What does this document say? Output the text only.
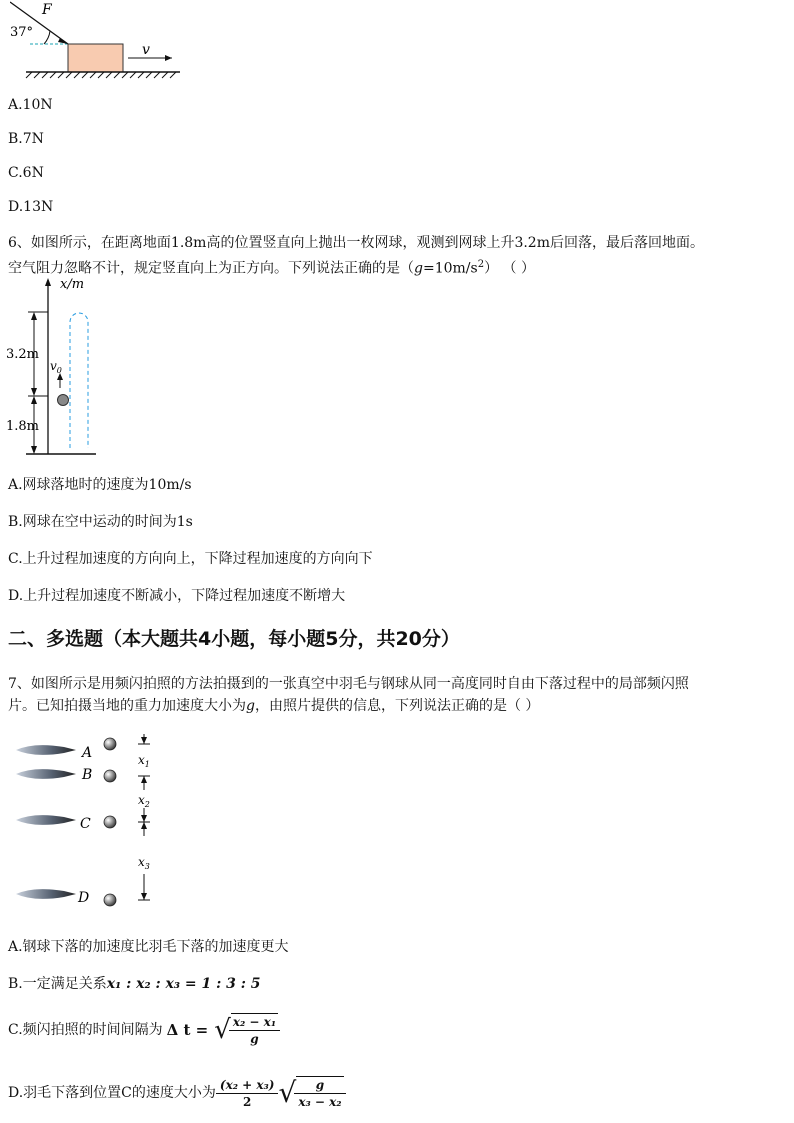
F
37°
v
A.10N
B.7N
C.6N
D.13N

6、如图所示，在距离地面1.8m高的位置竖直向上抛出一枚网球，观测到网球上升3.2m后回落，最后落回地面。

空气阻力忽略不计，规定竖直向上为正方向。下列说法正确的是$(g=10m/s^2)$ （ ）

x/m
3.2m
1.8m
$v_0$
A.网球落地时的速度为10m/s
B.网球在空中运动的时间为1s
C.上升过程加速度的方向向上，下降过程加速度的方向向下
D.上升过程加速度不断减小，下降过程加速度不断增大
二、多选题（本大题共4小题，每小题5分，共20分）

7、如图所示是用频闪拍照的方法拍摄到的一张真空中羽毛与钢球从同一高度同时自由下落过程中的局部频闪照

片。已知拍摄当地的重力加速度大小为g，由照片提供的信息，下列说法正确的是（ ）

A
B
C
D
$x_1$
$x_2$
$x_3$
A.钢球下落的加速度比羽毛下落的加速度更大
B.一定满足关系x₁ : x₂ : x₃ = 1 : 3 : 5
C.频闪拍照的时间间隔为 Δ t = √ $\frac{\text{x₂ − x₁}}{g}$
D.羽毛下落到位置C的速度大小为 $\frac{\text{(x₂ + x₃)}}{2}$ √ $\frac{g}{\text{x₃ − x₂}}$
